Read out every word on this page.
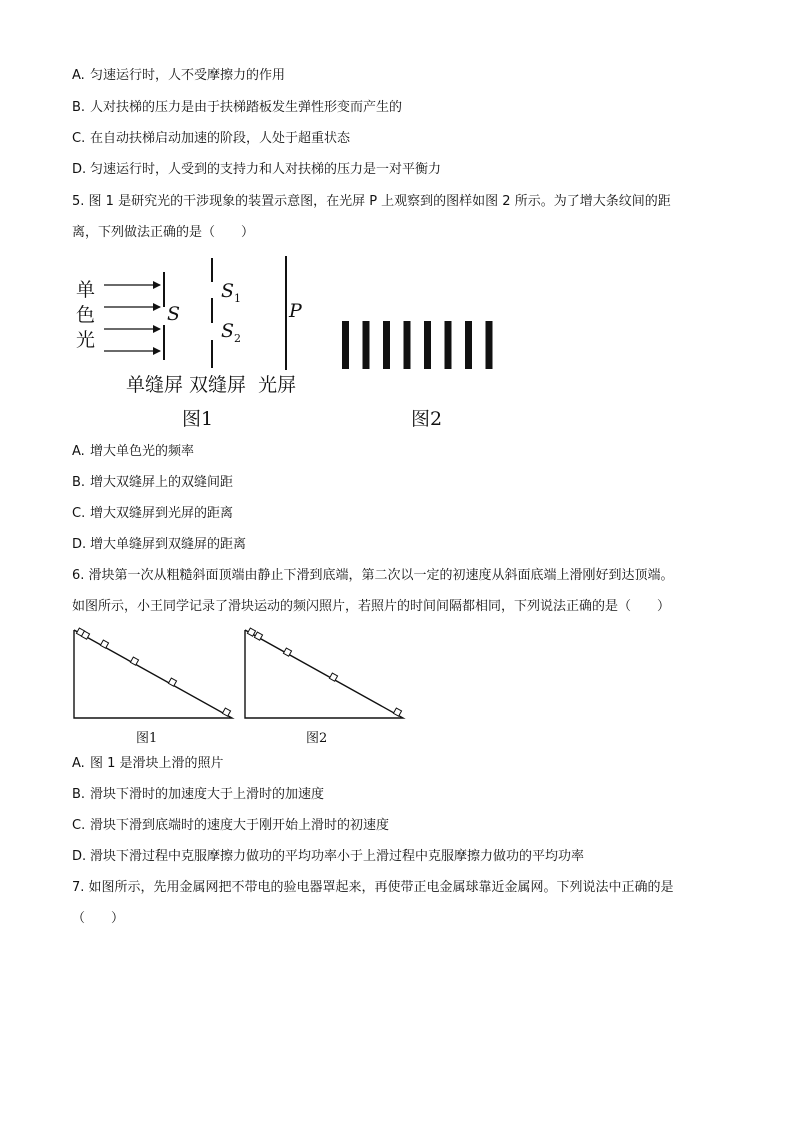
A. 匀速运行时，人不受摩擦力的作用
B. 人对扶梯的压力是由于扶梯踏板发生弹性形变而产生的
C. 在自动扶梯启动加速的阶段，人处于超重状态
D. 匀速运行时，人受到的支持力和人对扶梯的压力是一对平衡力
5. 图 1 是研究光的干涉现象的装置示意图，在光屏 P 上观察到的图样如图 2 所示。为了增大条纹间的距
离，下列做法正确的是（　　）
单
色
光
S
$S_1$
$S_2$
P
单缝屏 双缝屏  光屏
图1	图2
A. 增大单色光的频率
B. 增大双缝屏上的双缝间距
C. 增大双缝屏到光屏的距离
D. 增大单缝屏到双缝屏的距离
6. 滑块第一次从粗糙斜面顶端由静止下滑到底端，第二次以一定的初速度从斜面底端上滑刚好到达顶端。
如图所示，小王同学记录了滑块运动的频闪照片，若照片的时间间隔都相同，下列说法正确的是（　　）
图1	图2
A. 图 1 是滑块上滑的照片
B. 滑块下滑时的加速度大于上滑时的加速度
C. 滑块下滑到底端时的速度大于刚开始上滑时的初速度
D. 滑块下滑过程中克服摩擦力做功的平均功率小于上滑过程中克服摩擦力做功的平均功率
7. 如图所示，先用金属网把不带电的验电器罩起来，再使带正电金属球靠近金属网。下列说法中正确的是
（　　）
